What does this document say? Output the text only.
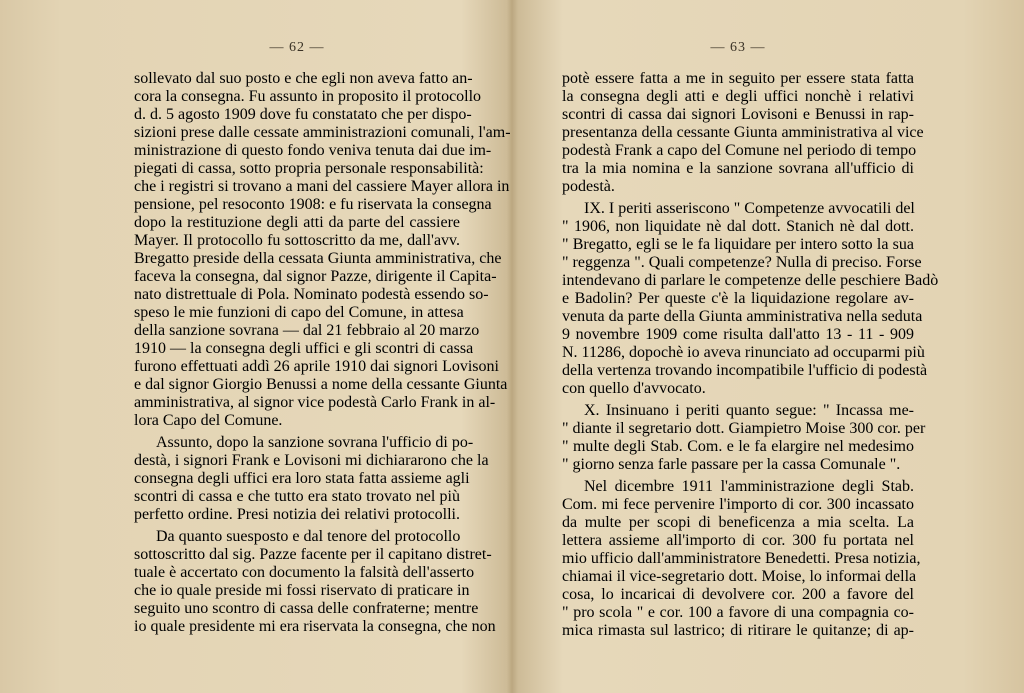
— 62 —
sollevato dal suo posto e che egli non aveva fatto an-
cora la consegna. Fu assunto in proposito il protocollo
d. d. 5 agosto 1909 dove fu constatato che per dispo-
sizioni prese dalle cessate amministrazioni comunali, l'am-
ministrazione di questo fondo veniva tenuta dai due im-
piegati di cassa, sotto propria personale responsabilità:
che i registri si trovano a mani del cassiere Mayer allora in
pensione, pel resoconto 1908: e fu riservata la consegna
dopo la restituzione degli atti da parte del cassiere
Mayer. Il protocollo fu sottoscritto da me, dall'avv.
Bregatto preside della cessata Giunta amministrativa, che
faceva la consegna, dal signor Pazze, dirigente il Capita-
nato distrettuale di Pola. Nominato podestà essendo so-
speso le mie funzioni di capo del Comune, in attesa
della sanzione sovrana — dal 21 febbraio al 20 marzo
1910 — la consegna degli uffici e gli scontri di cassa
furono effettuati addì 26 aprile 1910 dai signori Lovisoni
e dal signor Giorgio Benussi a nome della cessante Giunta
amministrativa, al signor vice podestà Carlo Frank in al-
lora Capo del Comune.
Assunto, dopo la sanzione sovrana l'ufficio di po-
destà, i signori Frank e Lovisoni mi dichiararono che la
consegna degli uffici era loro stata fatta assieme agli
scontri di cassa e che tutto era stato trovato nel più
perfetto ordine. Presi notizia dei relativi protocolli.
Da quanto suesposto e dal tenore del protocollo
sottoscritto dal sig. Pazze facente per il capitano distret-
tuale è accertato con documento la falsità dell'asserto
che io quale preside mi fossi riservato di praticare in
seguito uno scontro di cassa delle confraterne; mentre
io quale presidente mi era riservata la consegna, che non
— 63 —
potè essere fatta a me in seguito per essere stata fatta
la consegna degli atti e degli uffici nonchè i relativi
scontri di cassa dai signori Lovisoni e Benussi in rap-
presentanza della cessante Giunta amministrativa al vice
podestà Frank a capo del Comune nel periodo di tempo
tra la mia nomina e la sanzione sovrana all'ufficio di
podestà.
IX. I periti asseriscono " Competenze avvocatili del
" 1906, non liquidate nè dal dott. Stanich nè dal dott.
" Bregatto, egli se le fa liquidare per intero sotto la sua
" reggenza ". Quali competenze? Nulla di preciso. Forse
intendevano di parlare le competenze delle peschiere Badò
e Badolin? Per queste c'è la liquidazione regolare av-
venuta da parte della Giunta amministrativa nella seduta
9 novembre 1909 come risulta dall'atto 13 - 11 - 909
N. 11286, dopochè io aveva rinunciato ad occuparmi più
della vertenza trovando incompatibile l'ufficio di podestà
con quello d'avvocato.
X. Insinuano i periti quanto segue: " Incassa me-
" diante il segretario dott. Giampietro Moise 300 cor. per
" multe degli Stab. Com. e le fa elargire nel medesimo
" giorno senza farle passare per la cassa Comunale ".
Nel dicembre 1911 l'amministrazione degli Stab.
Com. mi fece pervenire l'importo di cor. 300 incassato
da multe per scopi di beneficenza a mia scelta. La
lettera assieme all'importo di cor. 300 fu portata nel
mio ufficio dall'amministratore Benedetti. Presa notizia,
chiamai il vice-segretario dott. Moise, lo informai della
cosa, lo incaricai di devolvere cor. 200 a favore del
" pro scola " e cor. 100 a favore di una compagnia co-
mica rimasta sul lastrico; di ritirare le quitanze; di ap-
